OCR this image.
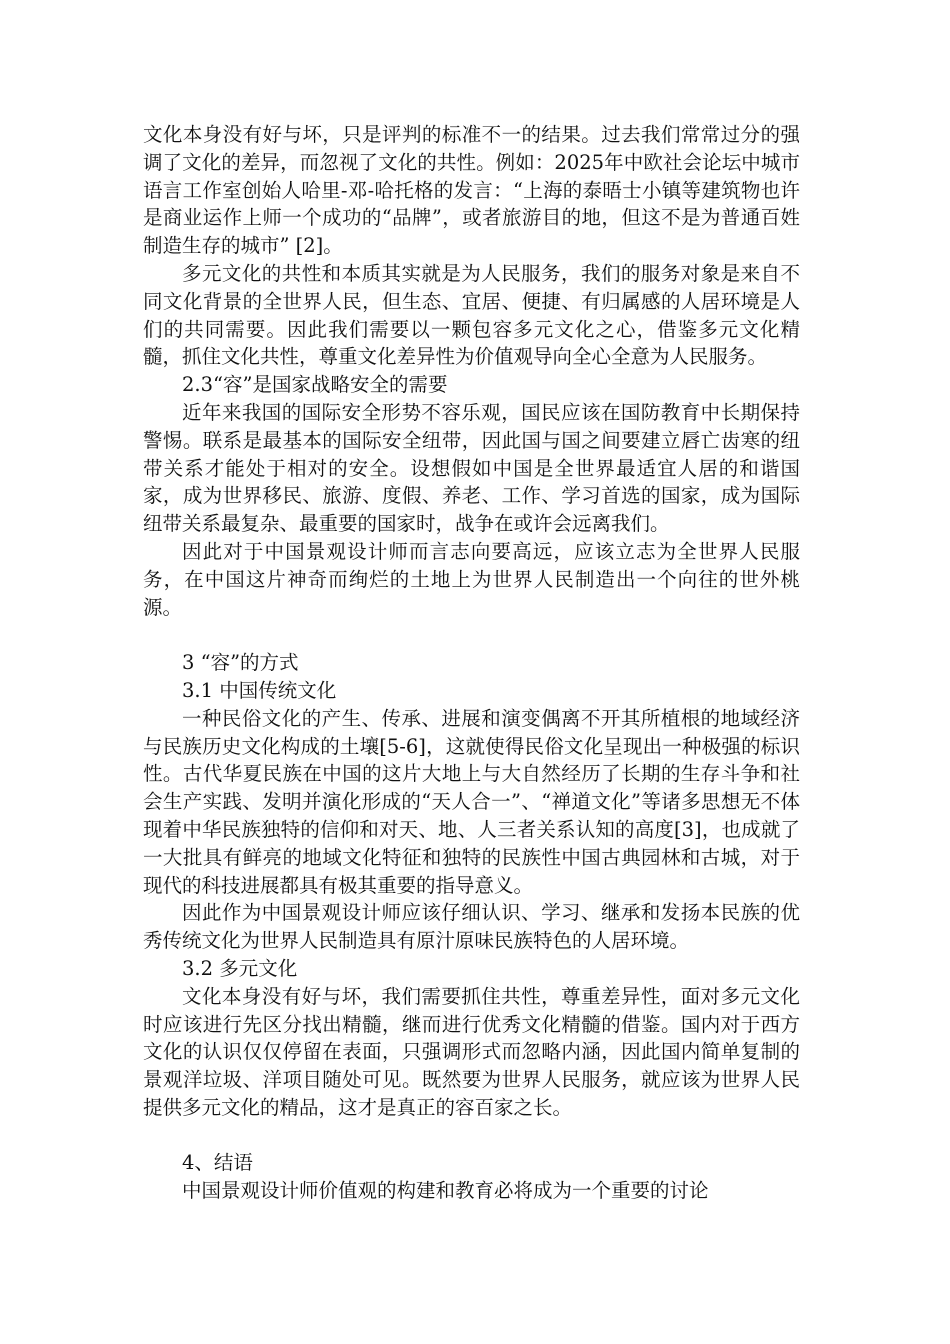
文化本身没有好与坏，只是评判的标准不一的结果。过去我们常常过分的强调了文化的差异，而忽视了文化的共性。例如：2025年中欧社会论坛中城市语言工作室创始人哈里-邓-哈托格的发言：“上海的泰晤士小镇等建筑物也许是商业运作上师一个成功的“品牌”，或者旅游目的地，但这不是为普通百姓制造生存的城市” [2]。

多元文化的共性和本质其实就是为人民服务，我们的服务对象是来自不同文化背景的全世界人民，但生态、宜居、便捷、有归属感的人居环境是人们的共同需要。因此我们需要以一颗包容多元文化之心，借鉴多元文化精髓，抓住文化共性，尊重文化差异性为价值观导向全心全意为人民服务。

2.3“容”是国家战略安全的需要

近年来我国的国际安全形势不容乐观，国民应该在国防教育中长期保持警惕。联系是最基本的国际安全纽带，因此国与国之间要建立唇亡齿寒的纽带关系才能处于相对的安全。设想假如中国是全世界最适宜人居的和谐国家，成为世界移民、旅游、度假、养老、工作、学习首选的国家，成为国际纽带关系最复杂、最重要的国家时，战争在或许会远离我们。

因此对于中国景观设计师而言志向要高远，应该立志为全世界人民服务，在中国这片神奇而绚烂的土地上为世界人民制造出一个向往的世外桃源。

3 “容”的方式

3.1 中国传统文化

一种民俗文化的产生、传承、进展和演变偶离不开其所植根的地域经济与民族历史文化构成的土壤[5-6]，这就使得民俗文化呈现出一种极强的标识性。古代华夏民族在中国的这片大地上与大自然经历了长期的生存斗争和社会生产实践、发明并演化形成的“天人合一”、“禅道文化”等诸多思想无不体现着中华民族独特的信仰和对天、地、人三者关系认知的高度[3]，也成就了一大批具有鲜亮的地域文化特征和独特的民族性中国古典园林和古城，对于现代的科技进展都具有极其重要的指导意义。

因此作为中国景观设计师应该仔细认识、学习、继承和发扬本民族的优秀传统文化为世界人民制造具有原汁原味民族特色的人居环境。

3.2 多元文化

文化本身没有好与坏，我们需要抓住共性，尊重差异性，面对多元文化时应该进行先区分找出精髓，继而进行优秀文化精髓的借鉴。国内对于西方文化的认识仅仅停留在表面，只强调形式而忽略内涵，因此国内简单复制的景观洋垃圾、洋项目随处可见。既然要为世界人民服务，就应该为世界人民提供多元文化的精品，这才是真正的容百家之长。

4、结语

中国景观设计师价值观的构建和教育必将成为一个重要的讨论
